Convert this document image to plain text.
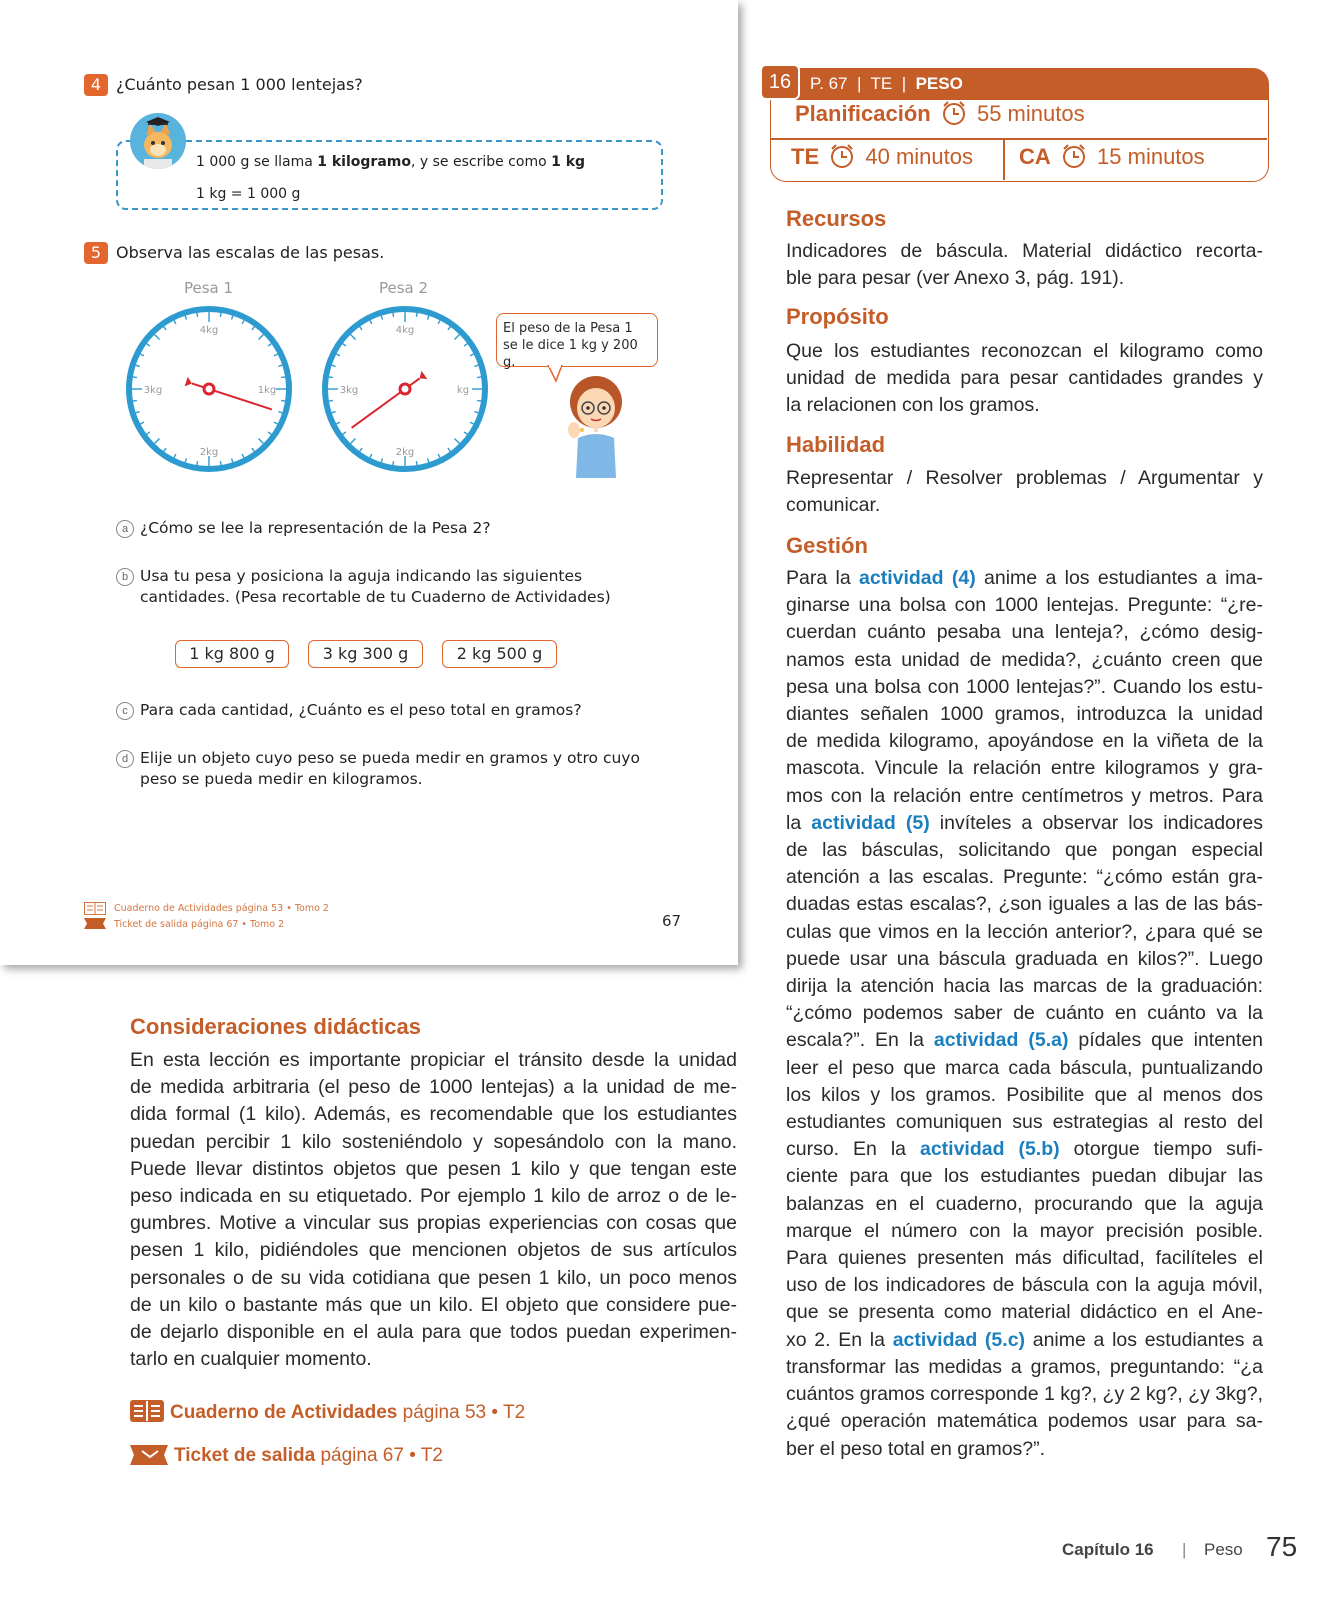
4 ¿Cuánto pesan 1 000 lentejas?
1 000 g se llama 1 kilogramo, y se escribe como 1 kg
1 kg = 1 000 g
5 Observa las escalas de las pesas.
Pesa 1	Pesa 2
4kg
1kg
2kg
3kg
4kg
kg
2kg
3kg
El peso de la Pesa 1
se le dice 1 kg y 200 g.
a ¿Cómo se lee la representación de la Pesa 2?
b Usa tu pesa y posiciona la aguja indicando las siguientes
cantidades. (Pesa recortable de tu Cuaderno de Actividades)
1 kg 800 g	3 kg 300 g	2 kg 500 g
c Para cada cantidad, ¿Cuánto es el peso total en gramos?
d Elije un objeto cuyo peso se pueda medir en gramos y otro cuyo
peso se pueda medir en kilogramos.
Cuaderno de Actividades página 53 • Tomo 2
Ticket de salida página 67 • Tomo 2	67
16	P. 67  |  TE  |  PESO
Planificación 55 minutos
TE 40 minutos CA 15 minutos
Recursos
Indicadores de báscula. Material didáctico recorta-
ble para pesar (ver Anexo 3, pág. 191).
Propósito
Que los estudiantes reconozcan el kilogramo como
unidad de medida para pesar cantidades grandes y
la relacionen con los gramos.
Habilidad
Representar / Resolver problemas / Argumentar y
comunicar.
Gestión
Para la actividad (4) anime a los estudiantes a ima-
ginarse una bolsa con 1000 lentejas. Pregunte: “¿re-
cuerdan cuánto pesaba una lenteja?, ¿cómo desig-
namos esta unidad de medida?, ¿cuánto creen que
pesa una bolsa con 1000 lentejas?”. Cuando los estu-
diantes señalen 1000 gramos, introduzca la unidad
de medida kilogramo, apoyándose en la viñeta de la
mascota. Vincule la relación entre kilogramos y gra-
mos con la relación entre centímetros y metros. Para
la actividad (5) invíteles a observar los indicadores
de las básculas, solicitando que pongan especial
atención a las escalas. Pregunte: “¿cómo están gra-
duadas estas escalas?, ¿son iguales a las de las bás-
culas que vimos en la lección anterior?, ¿para qué se
puede usar una báscula graduada en kilos?”. Luego
dirija la atención hacia las marcas de la graduación:
“¿cómo podemos saber de cuánto en cuánto va la
escala?”. En la actividad (5.a) pídales que intenten
leer el peso que marca cada báscula, puntualizando
los kilos y los gramos. Posibilite que al menos dos
estudiantes comuniquen sus estrategias al resto del
curso. En la actividad (5.b) otorgue tiempo sufi-
ciente para que los estudiantes puedan dibujar las
balanzas en el cuaderno, procurando que la aguja
marque el número con la mayor precisión posible.
Para quienes presenten más dificultad, facilíteles el
uso de los indicadores de báscula con la aguja móvil,
que se presenta como material didáctico en el Ane-
xo 2. En la actividad (5.c) anime a los estudiantes a
transformar las medidas a gramos, preguntando: “¿a
cuántos gramos corresponde 1 kg?, ¿y 2 kg?, ¿y 3kg?,
¿qué operación matemática podemos usar para sa-
ber el peso total en gramos?”.
Consideraciones didácticas
En esta lección es importante propiciar el tránsito desde la unidad
de medida arbitraria (el peso de 1000 lentejas) a la unidad de me-
dida formal (1 kilo). Además, es recomendable que los estudiantes
puedan percibir 1 kilo sosteniéndolo y sopesándolo con la mano.
Puede llevar distintos objetos que pesen 1 kilo y que tengan este
peso indicada en su etiquetado. Por ejemplo 1 kilo de arroz o de le-
gumbres. Motive a vincular sus propias experiencias con cosas que
pesen 1 kilo, pidiéndoles que mencionen objetos de sus artículos
personales o de su vida cotidiana que pesen 1 kilo, un poco menos
de un kilo o bastante más que un kilo. El objeto que considere pue-
de dejarlo disponible en el aula para que todos puedan experimen-
tarlo en cualquier momento.
Cuaderno de Actividades página 53 • T2
Ticket de salida página 67 • T2
Capítulo 16 | Peso 75
